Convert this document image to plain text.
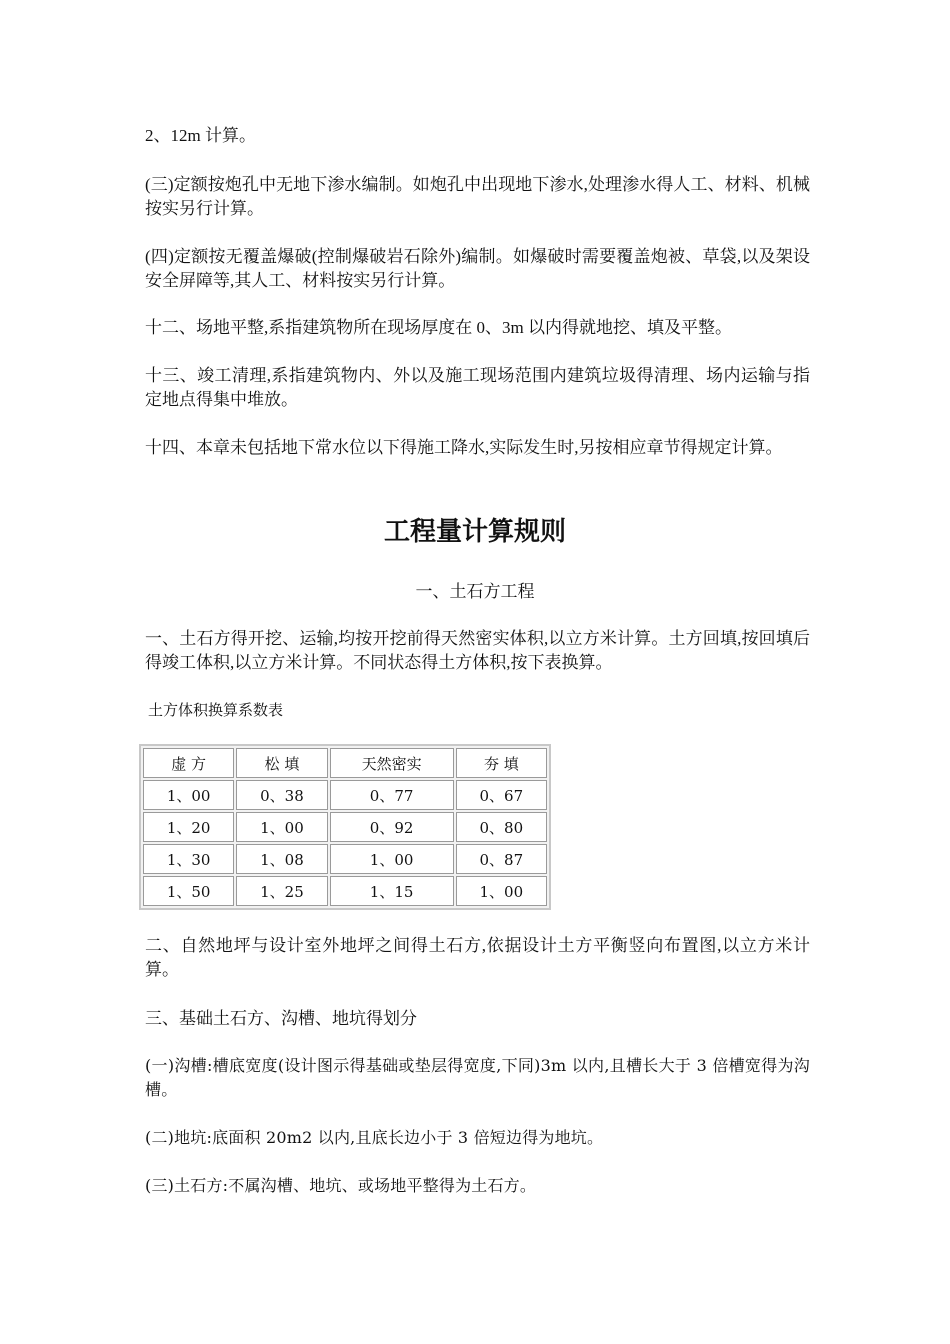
2、12m 计算。

(三)定额按炮孔中无地下渗水编制。如炮孔中出现地下渗水,处理渗水得人工、材料、机械按实另行计算。

(四)定额按无覆盖爆破(控制爆破岩石除外)编制。如爆破时需要覆盖炮被、草袋,以及架设安全屏障等,其人工、材料按实另行计算。

十二、场地平整,系指建筑物所在现场厚度在 0、3m 以内得就地挖、填及平整。

十三、竣工清理,系指建筑物内、外以及施工现场范围内建筑垃圾得清理、场内运输与指定地点得集中堆放。

十四、本章未包括地下常水位以下得施工降水,实际发生时,另按相应章节得规定计算。

工程量计算规则

一、土石方工程

一、土石方得开挖、运输,均按开挖前得天然密实体积,以立方米计算。土方回填,按回填后得竣工体积,以立方米计算。不同状态得土方体积,按下表换算。

土方体积换算系数表

虚 方	松 填	天然密实	夯 填
1、00	0、38	0、77	0、67
1、20	1、00	0、92	0、80
1、30	1、08	1、00	0、87
1、50	1、25	1、15	1、00

二、自然地坪与设计室外地坪之间得土石方,依据设计土方平衡竖向布置图,以立方米计算。

三、基础土石方、沟槽、地坑得划分

(一)沟槽:槽底宽度(设计图示得基础或垫层得宽度,下同)3m 以内,且槽长大于 3 倍槽宽得为沟槽。

(二)地坑:底面积 20m2 以内,且底长边小于 3 倍短边得为地坑。

(三)土石方:不属沟槽、地坑、或场地平整得为土石方。
